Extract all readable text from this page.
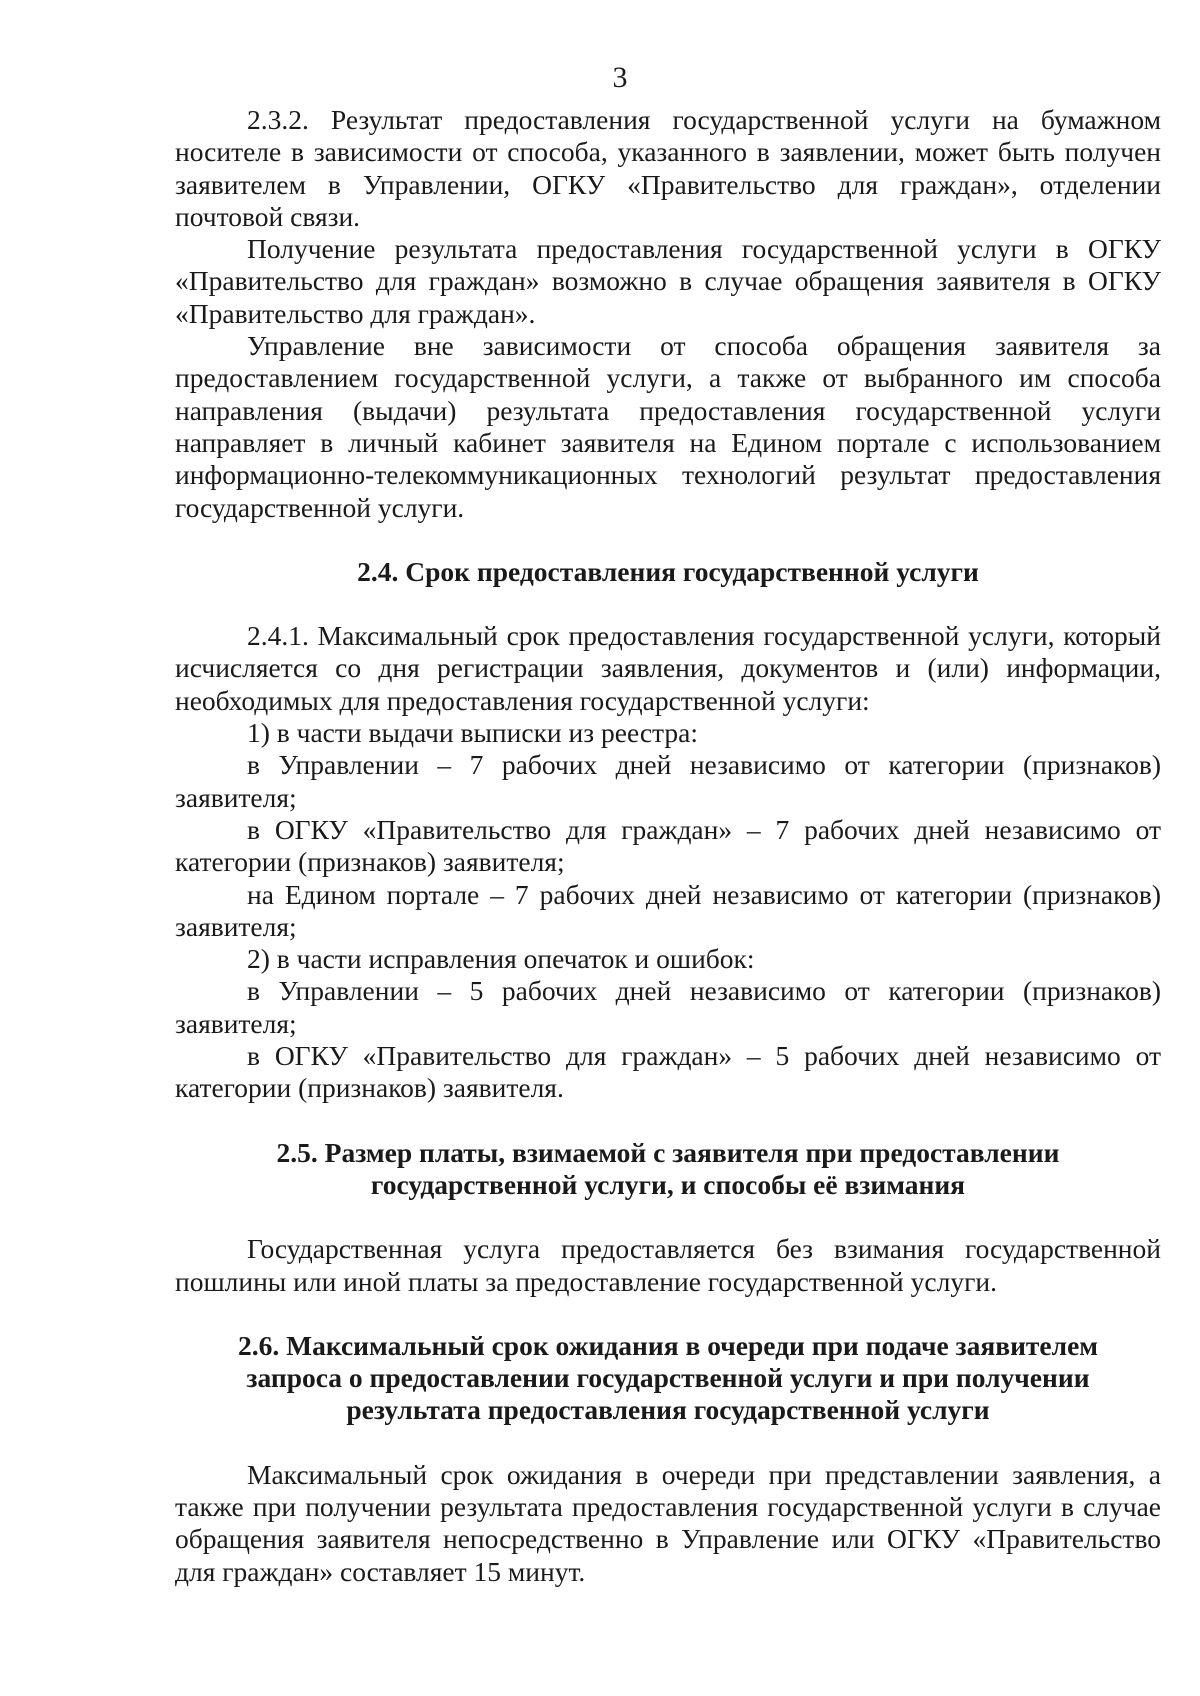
3

2.3.2. Результат предоставления государственной услуги на бумажном носителе в зависимости от способа, указанного в заявлении, может быть получен заявителем в Управлении, ОГКУ «Правительство для граждан», отделении почтовой связи.

Получение результата предоставления государственной услуги в ОГКУ «Правительство для граждан» возможно в случае обращения заявителя в ОГКУ «Правительство для граждан».

Управление вне зависимости от способа обращения заявителя за предоставлением государственной услуги, а также от выбранного им способа направления (выдачи) результата предоставления государственной услуги направляет в личный кабинет заявителя на Едином портале с использованием информационно-телекоммуникационных технологий результат предоставления государственной услуги.

2.4. Срок предоставления государственной услуги

2.4.1. Максимальный срок предоставления государственной услуги, который исчисляется со дня регистрации заявления, документов и (или) информации, необходимых для предоставления государственной услуги:

1) в части выдачи выписки из реестра:

в Управлении – 7 рабочих дней независимо от категории (признаков) заявителя;

в ОГКУ «Правительство для граждан» – 7 рабочих дней независимо от категории (признаков) заявителя;

на Едином портале – 7 рабочих дней независимо от категории (признаков) заявителя;

2) в части исправления опечаток и ошибок:

в Управлении – 5 рабочих дней независимо от категории (признаков) заявителя;

в ОГКУ «Правительство для граждан» – 5 рабочих дней независимо от категории (признаков) заявителя.

2.5. Размер платы, взимаемой с заявителя при предоставлении
государственной услуги, и способы её взимания

Государственная услуга предоставляется без взимания государственной пошлины или иной платы за предоставление государственной услуги.

2.6. Максимальный срок ожидания в очереди при подаче заявителем
запроса о предоставлении государственной услуги и при получении
результата предоставления государственной услуги

Максимальный срок ожидания в очереди при представлении заявления, а также при получении результата предоставления государственной услуги в случае обращения заявителя непосредственно в Управление или ОГКУ «Правительство для граждан» составляет 15 минут.
